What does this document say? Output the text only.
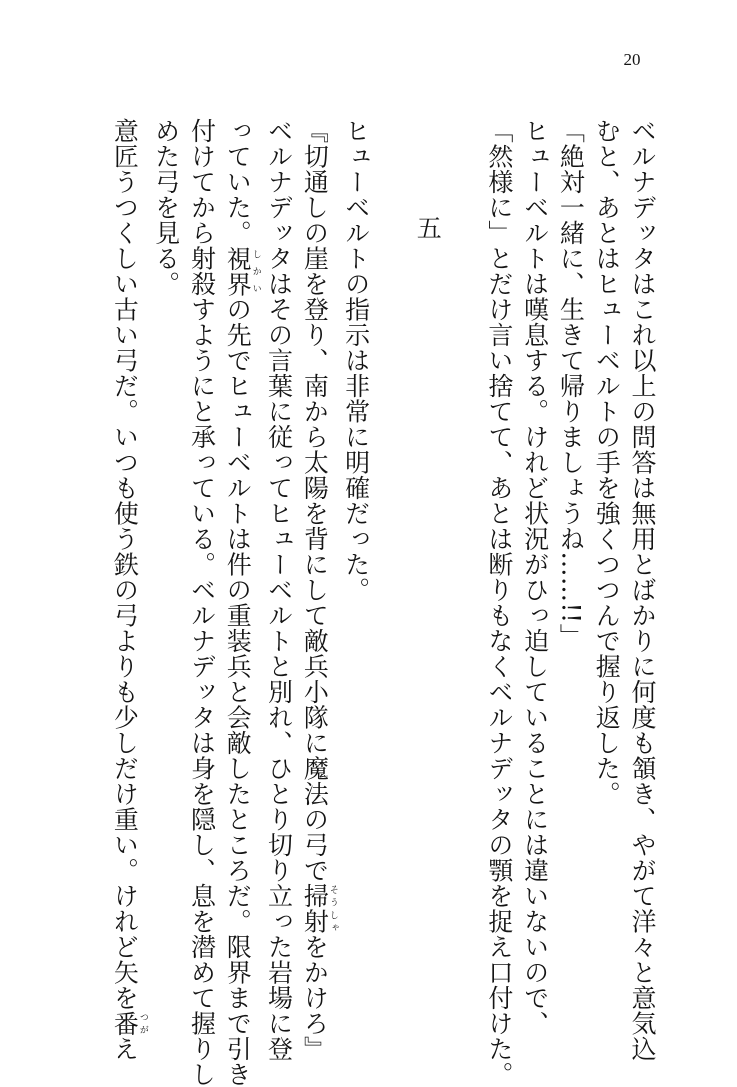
20
ベルナデッタはこれ以上の問答は無用とばかりに何度も頷き、やがて洋々と意気込
むと、あとはヒューベルトの手を強くつつんで握り返した。
「絶対一緒に、生きて帰りましょうね……!!」
ヒューベルトは嘆息する。けれど状況がひっ迫していることには違いないので、
「然様に」とだけ言い捨てて、あとは断りもなくベルナデッタの顎を捉え口付けた。
五
ヒューベルトの指示は非常に明確だった。
『切通しの崖を登り、南から太陽を背にして敵兵小隊に魔法の弓で掃射そうしゃをかけろ』
ベルナデッタはその言葉に従ってヒューベルトと別れ、ひとり切り立った岩場に登
っていた。視界しかいの先でヒューベルトは件の重装兵と会敵したところだ。限界まで引き
付けてから射殺すようにと承っている。ベルナデッタは身を隠し、息を潜めて握りし
めた弓を見る。
意匠うつくしい古い弓だ。いつも使う鉄の弓よりも少しだけ重い。けれど矢を番つがえ
